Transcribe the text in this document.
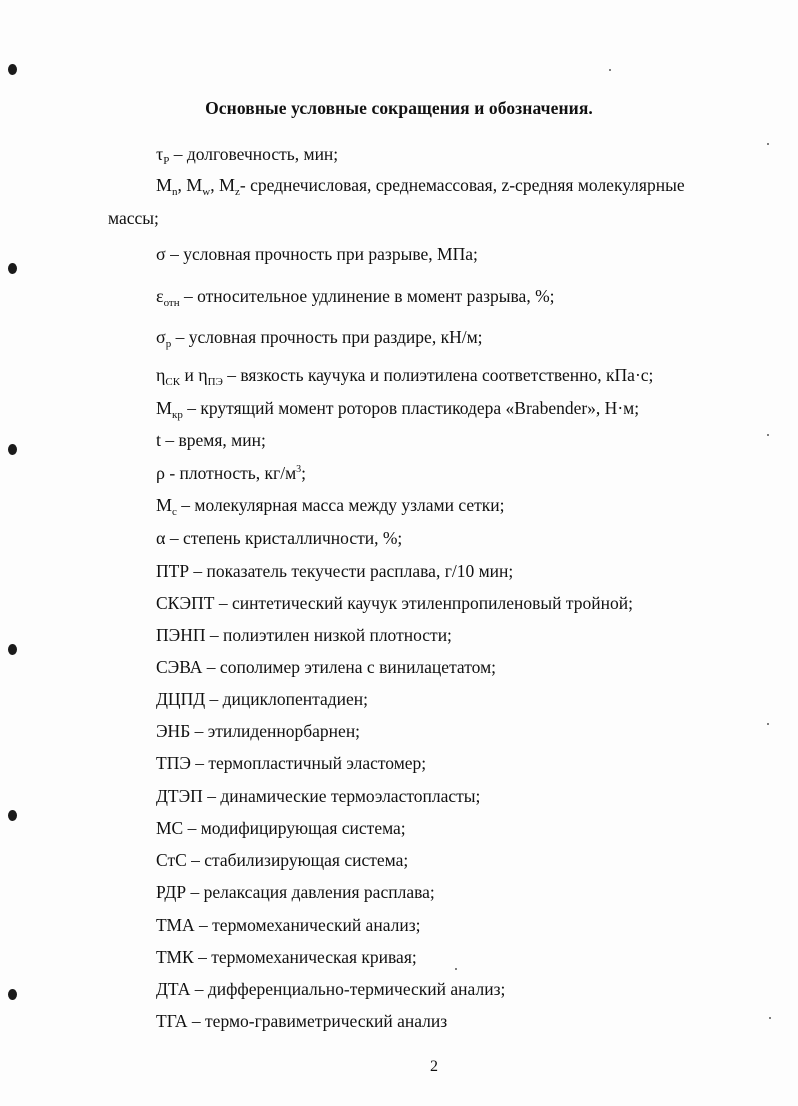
Основные условные сокращения и обозначения.
$\tau_P$ – долговечность, мин;
$M_n$, $M_w$, $M_z-$ среднечисловая, среднемассовая, z-средняя молекулярные
массы;
σ – условная прочность при разрыве, МПа;
$\varepsilon_{отн}$ – относительное удлинение в момент разрыва, %;
$\sigma_p$ – условная прочность при раздире, кН/м;
$\eta_{СК}$ и $\eta_{ПЭ}$ – вязкость каучука и полиэтилена соответственно, кПа·с;
$M_{кр}$ – крутящий момент роторов пластикодера «Brabender», Н·м;
t – время, мин;
ρ - плотность, $кг/м^3$;
$M_c$ – молекулярная масса между узлами сетки;
α – степень кристалличности, %;
ПТР – показатель текучести расплава, г/10 мин;
СКЭПТ – синтетический каучук этиленпропиленовый тройной;
ПЭНП – полиэтилен низкой плотности;
СЭВА – сополимер этилена с винилацетатом;
ДЦПД – дициклопентадиен;
ЭНБ – этилиденнорбарнен;
ТПЭ – термопластичный эластомер;
ДТЭП – динамические термоэластопласты;
МС – модифицирующая система;
СтС – стабилизирующая система;
РДР – релаксация давления расплава;
ТМА – термомеханический анализ;
ТМК – термомеханическая кривая;
ДТА – дифференциально-термический анализ;
ТГА – термо-гравиметрический анализ
2
